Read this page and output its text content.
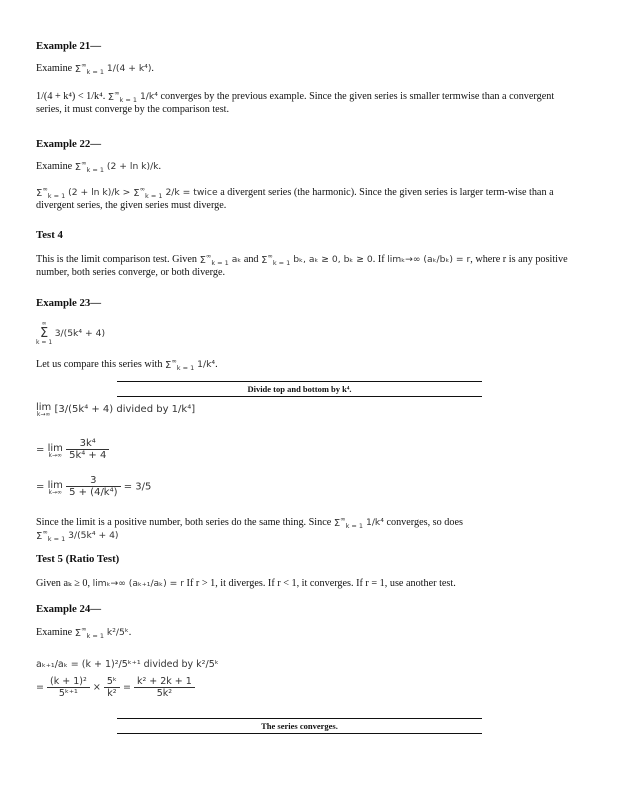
Example 21—
Examine $\Sigma^\infty_{k = 1}$ 1/(4 + k⁴).
1/(4 + k⁴) < 1/k⁴. $\Sigma^\infty_{k = 1}$ 1/k⁴ converges by the previous example. Since the given series is smaller termwise than a convergent series, it must converge by the comparison test.
Example 22—
Examine $\Sigma^\infty_{k = 1}$ (2 + ln k)/k.
$\Sigma^\infty_{k = 1}$ $(2 + \ln k)/k > \Sigma^\infty_{k = 1}$ 2/k = twice a divergent series (the harmonic). Since the given series is larger term-wise than a divergent series, the given series must diverge.
Test 4
This is the limit comparison test. Given $\Sigma^\infty_{k = 1}$ aₖ and $\Sigma^\infty_{k = 1}$ bₖ, aₖ ≥ 0, bₖ ≥ 0. If limₖ→∞ (aₖ/bₖ) = r, where r is any positive number, both series converge, or both diverge.
Example 23—
∞
Σ
k = 1
3/(5k⁴ + 4)
Let us compare this series with $\Sigma^\infty_{k = 1}$ 1/k⁴.
Divide top and bottom by k⁴.
lim
k→∞ [3/(5k⁴ + 4) divided by 1/k⁴]
= lim
k→∞
$\frac{\text{3k⁴}}{\text{5k⁴ + 4}}$
= lim
k→∞
$\frac{3}{\text{5 + (4/k⁴)}} = 3/5$
Since the limit is a positive number, both series do the same thing. Since $\Sigma^\infty_{k = 1}$ 1/k⁴ converges, so does
$\Sigma^\infty_{k = 1}$ 3/(5k⁴ + 4)
Test 5 (Ratio Test)
Given aₖ ≥ 0, limₖ→∞ (aₖ₊₁/aₖ) = r If r > 1, it diverges. If r < 1, it converges. If r = 1, use another test.
Example 24—
Examine $\Sigma^\infty_{k = 1}$ k²/5ᵏ.
aₖ₊₁/aₖ = (k + 1)²/5ᵏ⁺¹ divided by k²/5ᵏ
= $\frac{\text{(k + 1)²}}{\text{5ᵏ⁺¹}} \times \frac{\text{5ᵏ}}{\text{k²}} = \frac{\text{k² + 2k + 1}}{\text{5k²}}$
The series converges.
